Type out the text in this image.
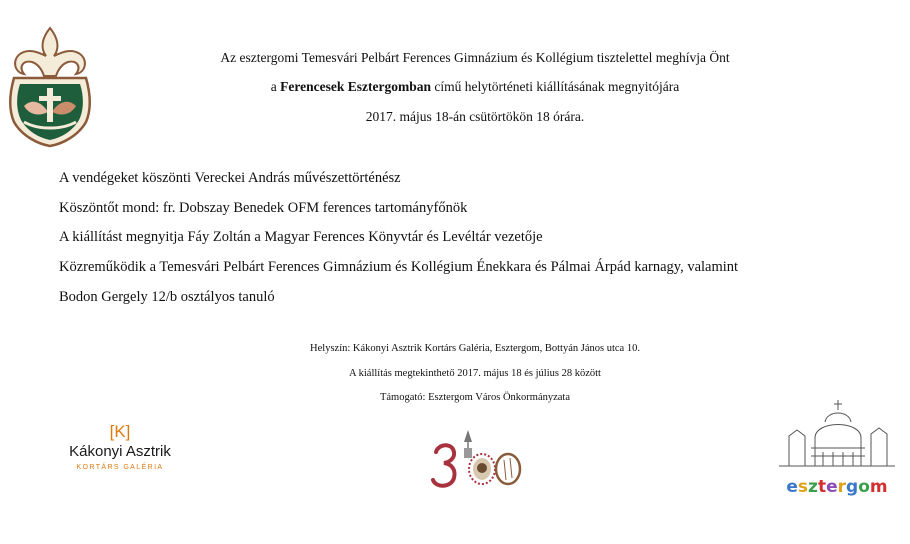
Az esztergomi Temesvári Pelbárt Ferences Gimnázium és Kollégium tisztelettel meghívja Önt
a Ferencesek Esztergomban című helytörténeti kiállításának megnyitójára
2017. május 18-án csütörtökön 18 órára.
A vendégeket köszönti Vereckei András művészettörténész
Köszöntőt mond: fr. Dobszay Benedek OFM ferences tartományfőnök
A kiállítást megnyitja Fáy Zoltán a Magyar Ferences Könyvtár és Levéltár vezetője
Közreműködik a Temesvári Pelbárt Ferences Gimnázium és Kollégium Énekkara és Pálmai Árpád karnagy, valamint
Bodon Gergely 12/b osztályos tanuló
Helyszín: Kákonyi Asztrik Kortárs Galéria, Esztergom, Bottyán János utca 10.
A kiállítás megtekinthető 2017. május 18 és július 28 között
Támogató: Esztergom Város Önkormányzata
[K]
Kákonyi Asztrik
KORTÁRS GALÉRIA

esztergom
